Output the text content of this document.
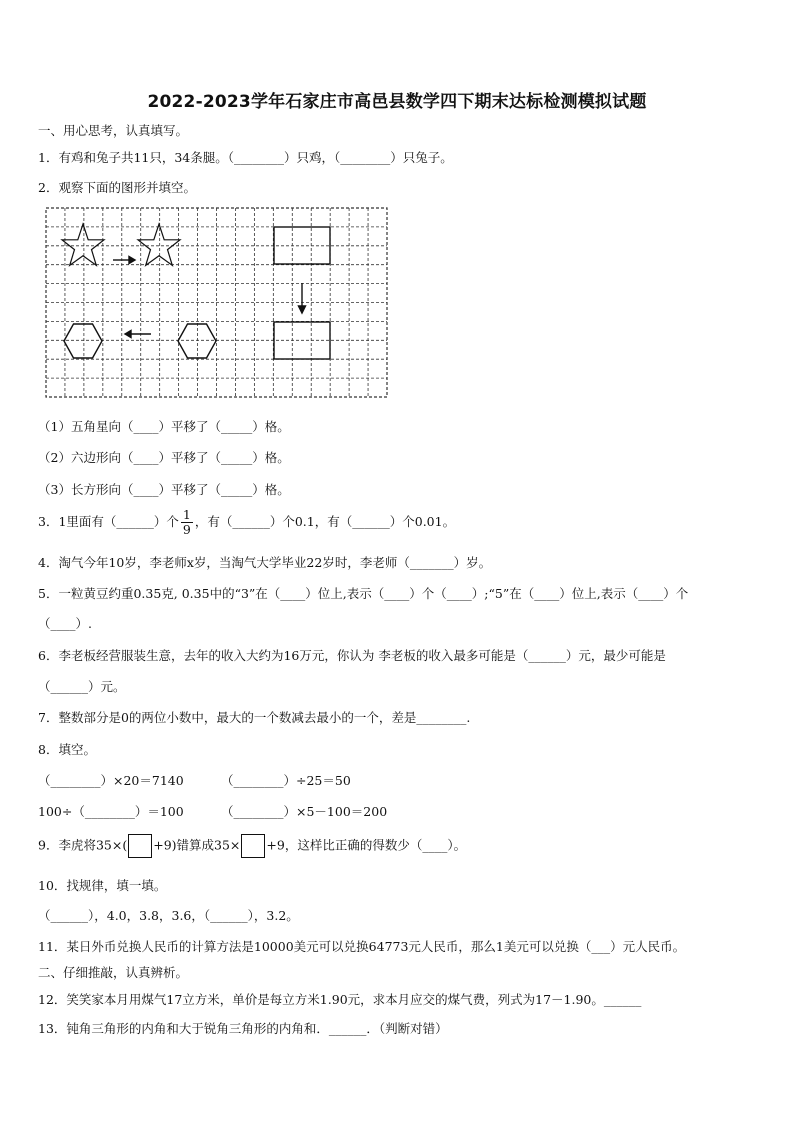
2022-2023学年石家庄市高邑县数学四下期末达标检测模拟试题
一、用心思考，认真填写。
1．有鸡和兔子共11只，34条腿。（________）只鸡，（________）只兔子。
2．观察下面的图形并填空。
（1）五角星向（____）平移了（_____）格。
（2）六边形向（____）平移了（_____）格。
（3）长方形向（____）平移了（_____）格。
3．1里面有（______）个 $\frac{1}{9}$ ，有（______）个0.1，有（______）个0.01。
4．淘气今年10岁，李老师x岁，当淘气大学毕业22岁时，李老师（_______）岁。
5．一粒黄豆约重0.35克, 0.35中的“3”在（____）位上,表示（____）个（____）;“5”在（____）位上,表示（____）个
（____）.
6．李老板经营服装生意，去年的收入大约为16万元，你认为 李老板的收入最多可能是（______）元，最少可能是
（______）元。
7．整数部分是0的两位小数中，最大的一个数减去最小的一个，差是________.
8．填空。
（________）×20＝7140	（________）÷25＝50
100÷（________）＝100	（________）×5－100＝200
9．李虎将35×( +9)错算成35× +9，这样比正确的得数少（____）。
10．找规律，填一填。
（______），4.0，3.8，3.6，（______），3.2。
11．某日外币兑换人民币的计算方法是10000美元可以兑换64773元人民币，那么1美元可以兑换（___）元人民币。
二、仔细推敲，认真辨析。
12．笑笑家本月用煤气17立方米，单价是每立方米1.90元，求本月应交的煤气费，列式为17－1.90。______
13．钝角三角形的内角和大于锐角三角形的内角和．______．（判断对错）
